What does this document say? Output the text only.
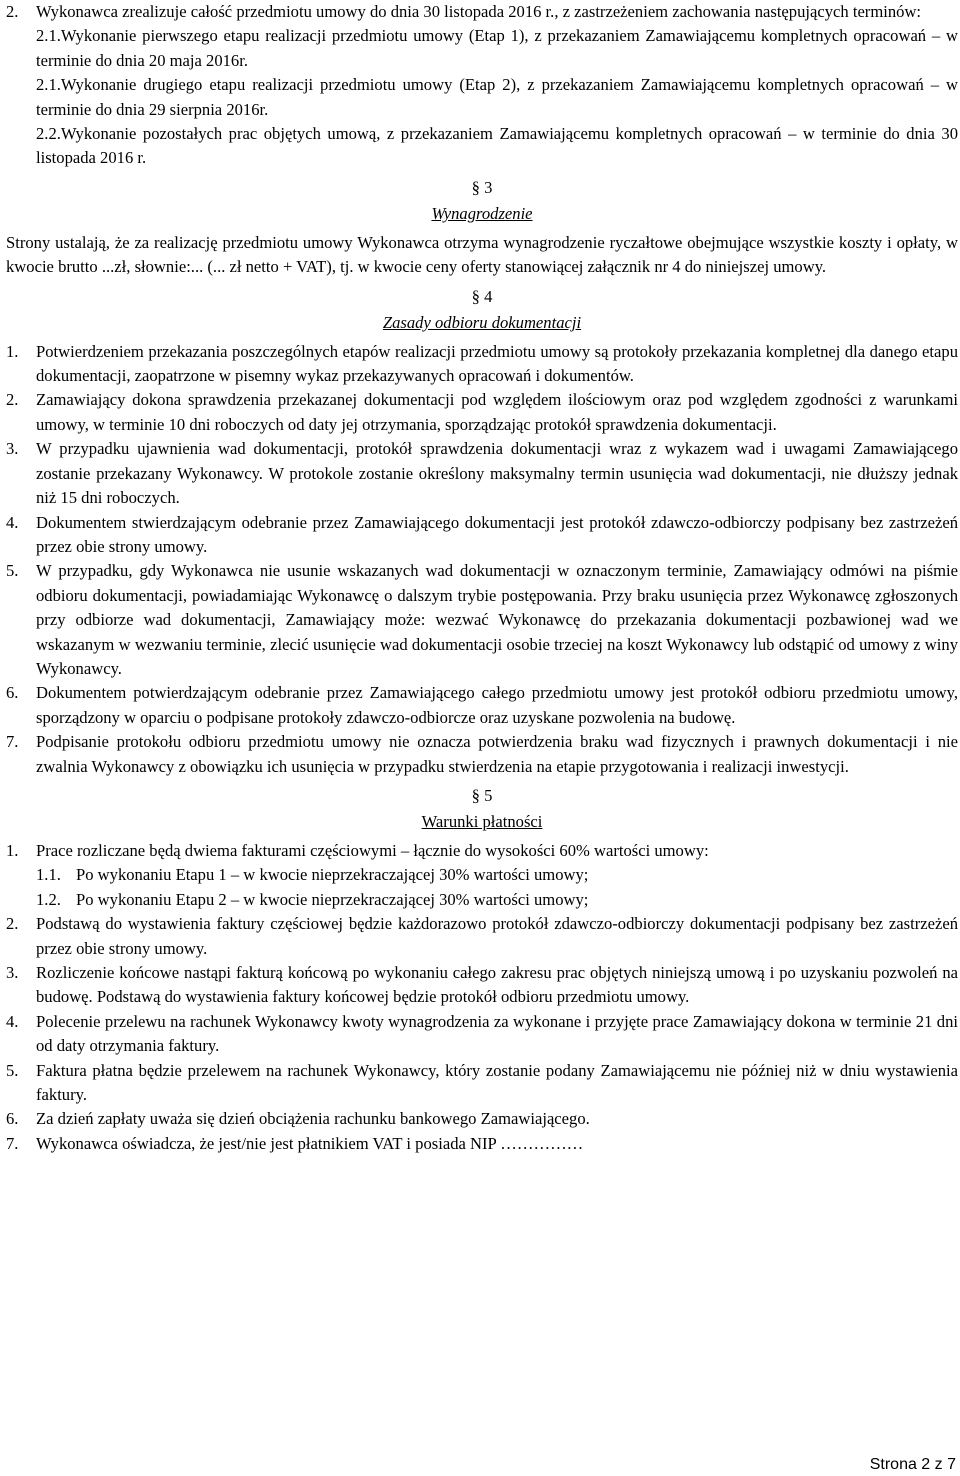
2.	Wykonawca zrealizuje całość przedmiotu umowy do dnia 30 listopada 2016 r., z zastrzeżeniem zachowania następujących terminów:
2.1.Wykonanie pierwszego etapu realizacji przedmiotu umowy (Etap 1), z przekazaniem Zamawiającemu kompletnych opracowań – w terminie do dnia 20 maja 2016r.
2.1.Wykonanie drugiego etapu realizacji przedmiotu umowy (Etap 2), z przekazaniem Zamawiającemu kompletnych opracowań – w terminie do dnia 29 sierpnia 2016r.
2.2.Wykonanie pozostałych prac objętych umową, z przekazaniem Zamawiającemu kompletnych opracowań – w terminie do dnia 30 listopada 2016 r.
§ 3
Wynagrodzenie
Strony ustalają, że za realizację przedmiotu umowy Wykonawca otrzyma wynagrodzenie ryczałtowe obejmujące wszystkie koszty i opłaty, w kwocie brutto ...zł, słownie:... (... zł netto + VAT), tj. w kwocie ceny oferty stanowiącej załącznik nr 4 do niniejszej umowy.
§ 4
Zasady odbioru dokumentacji
1.	Potwierdzeniem przekazania poszczególnych etapów realizacji przedmiotu umowy są protokoły przekazania kompletnej dla danego etapu dokumentacji, zaopatrzone w pisemny wykaz przekazywanych opracowań i dokumentów.
2.	Zamawiający dokona sprawdzenia przekazanej dokumentacji pod względem ilościowym oraz pod względem zgodności z warunkami umowy, w terminie 10 dni roboczych od daty jej otrzymania, sporządzając protokół sprawdzenia dokumentacji.
3.	W przypadku ujawnienia wad dokumentacji, protokół sprawdzenia dokumentacji wraz z wykazem wad i uwagami Zamawiającego zostanie przekazany Wykonawcy. W protokole zostanie określony maksymalny termin usunięcia wad dokumentacji, nie dłuższy jednak niż 15 dni roboczych.
4.	Dokumentem stwierdzającym odebranie przez Zamawiającego dokumentacji jest protokół zdawczo-odbiorczy podpisany bez zastrzeżeń przez obie strony umowy.
5.	W przypadku, gdy Wykonawca nie usunie wskazanych wad dokumentacji w oznaczonym terminie, Zamawiający odmówi na piśmie odbioru dokumentacji, powiadamiając Wykonawcę o dalszym trybie postępowania. Przy braku usunięcia przez Wykonawcę zgłoszonych przy odbiorze wad dokumentacji, Zamawiający może: wezwać Wykonawcę do przekazania dokumentacji pozbawionej wad we wskazanym w wezwaniu terminie, zlecić usunięcie wad dokumentacji osobie trzeciej na koszt Wykonawcy lub odstąpić od umowy z winy Wykonawcy.
6.	Dokumentem potwierdzającym odebranie przez Zamawiającego całego przedmiotu umowy jest protokół odbioru przedmiotu umowy, sporządzony w oparciu o podpisane protokoły zdawczo-odbiorcze oraz uzyskane pozwolenia na budowę.
7.	Podpisanie protokołu odbioru przedmiotu umowy nie oznacza potwierdzenia braku wad fizycznych i prawnych dokumentacji i nie zwalnia Wykonawcy z obowiązku ich usunięcia w przypadku stwierdzenia na etapie przygotowania i realizacji inwestycji.
§ 5
Warunki płatności
1.	Prace rozliczane będą dwiema fakturami częściowymi – łącznie do wysokości 60% wartości umowy:
1.1. Po wykonaniu Etapu 1 – w kwocie nieprzekraczającej 30% wartości umowy;
1.2. Po wykonaniu Etapu 2 – w kwocie nieprzekraczającej 30% wartości umowy;
2.	Podstawą do wystawienia faktury częściowej będzie każdorazowo protokół zdawczo-odbiorczy dokumentacji podpisany bez zastrzeżeń przez obie strony umowy.
3.	Rozliczenie końcowe nastąpi fakturą końcową po wykonaniu całego zakresu prac objętych niniejszą umową i po uzyskaniu pozwoleń na budowę. Podstawą do wystawienia faktury końcowej będzie protokół odbioru przedmiotu umowy.
4.	Polecenie przelewu na rachunek Wykonawcy kwoty wynagrodzenia za wykonane i przyjęte prace Zamawiający dokona w terminie 21 dni od daty otrzymania faktury.
5.	Faktura płatna będzie przelewem na rachunek Wykonawcy, który zostanie podany Zamawiającemu nie później niż w dniu wystawienia faktury.
6.	Za dzień zapłaty uważa się dzień obciążenia rachunku bankowego Zamawiającego.
7.	Wykonawca oświadcza, że jest/nie jest płatnikiem VAT i posiada NIP ……………
Strona 2 z 7
